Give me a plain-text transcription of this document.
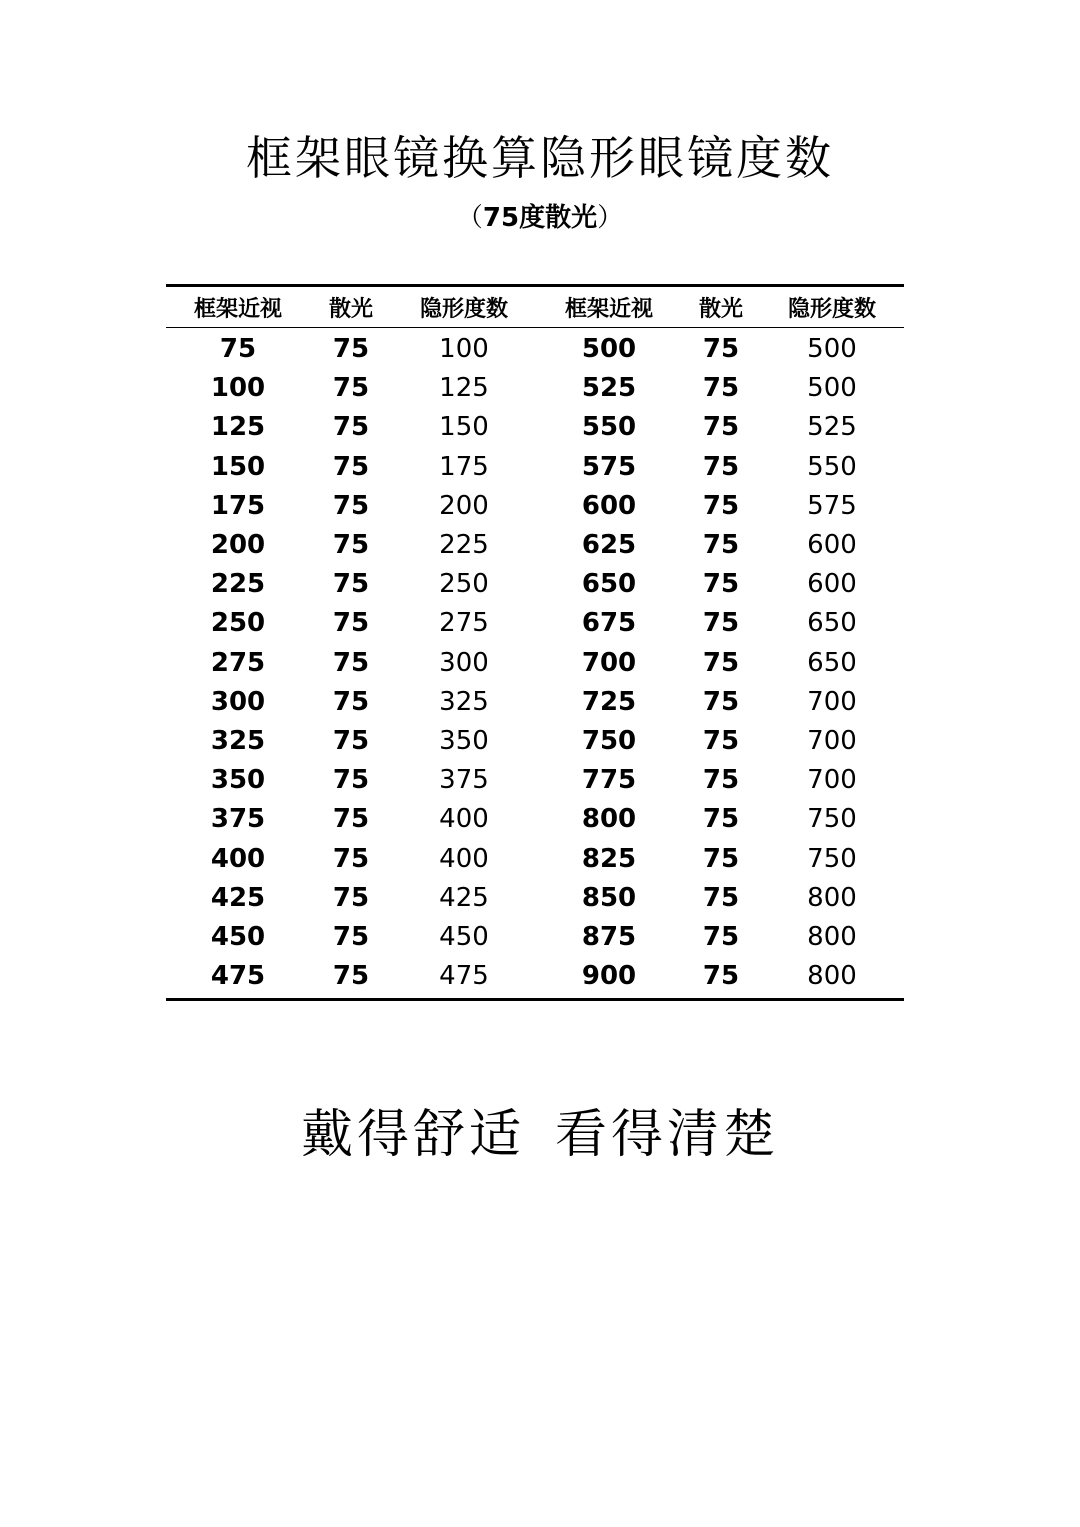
框架眼镜换算隐形眼镜度数
（75度散光）
框架近视	散光	隐形度数	框架近视	散光	隐形度数
75	75	100	500	75	500
100	75	125	525	75	500
125	75	150	550	75	525
150	75	175	575	75	550
175	75	200	600	75	575
200	75	225	625	75	600
225	75	250	650	75	600
250	75	275	675	75	650
275	75	300	700	75	650
300	75	325	725	75	700
325	75	350	750	75	700
350	75	375	775	75	700
375	75	400	800	75	750
400	75	400	825	75	750
425	75	425	850	75	800
450	75	450	875	75	800
475	75	475	900	75	800
戴得舒适 看得清楚
